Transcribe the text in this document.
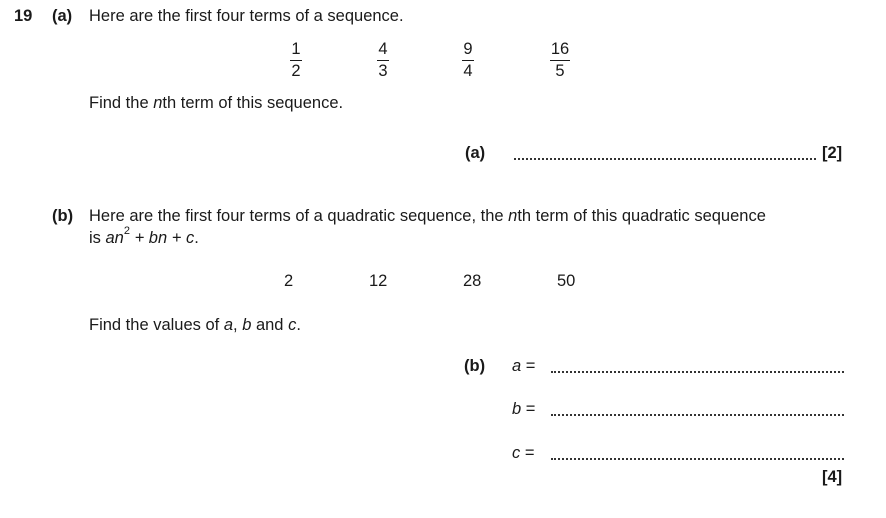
19 (a) Here are the first four terms of a sequence.
1
2
4
3
9
4
16
5
Find the nth term of this sequence.
(a)	[2]
(b) Here are the first four terms of a quadratic sequence, the nth term of this quadratic sequence
is $an^2$ + bn + c.
2	12	28	50
Find the values of a, b and c.
(b) a =
b =
c =
[4]
